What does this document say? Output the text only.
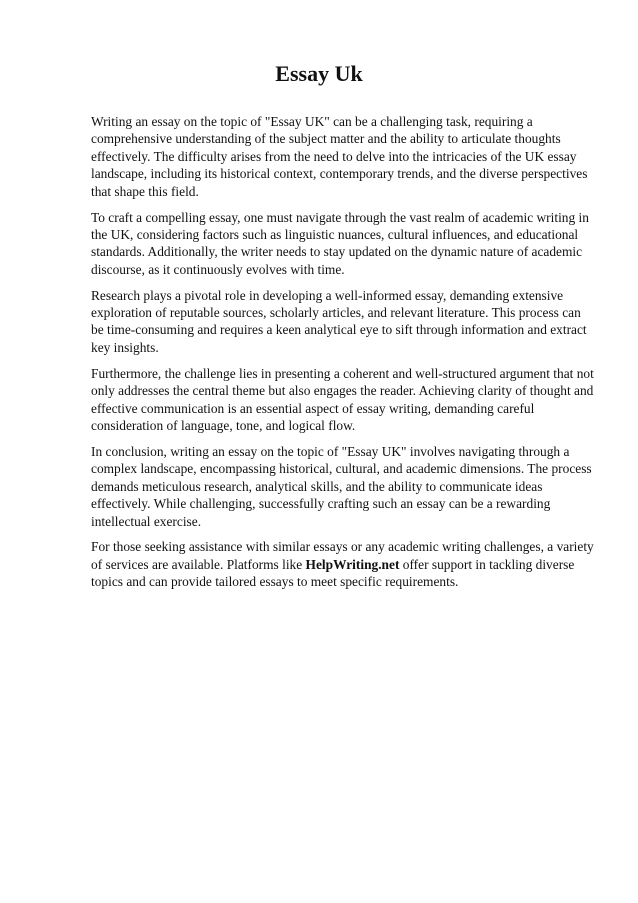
Essay Uk

Writing an essay on the topic of "Essay UK" can be a challenging task, requiring a comprehensive understanding of the subject matter and the ability to articulate thoughts effectively. The difficulty arises from the need to delve into the intricacies of the UK essay landscape, including its historical context, contemporary trends, and the diverse perspectives that shape this field.

To craft a compelling essay, one must navigate through the vast realm of academic writing in the UK, considering factors such as linguistic nuances, cultural influences, and educational standards. Additionally, the writer needs to stay updated on the dynamic nature of academic discourse, as it continuously evolves with time.

Research plays a pivotal role in developing a well-informed essay, demanding extensive exploration of reputable sources, scholarly articles, and relevant literature. This process can be time-consuming and requires a keen analytical eye to sift through information and extract key insights.

Furthermore, the challenge lies in presenting a coherent and well-structured argument that not only addresses the central theme but also engages the reader. Achieving clarity of thought and effective communication is an essential aspect of essay writing, demanding careful consideration of language, tone, and logical flow.

In conclusion, writing an essay on the topic of "Essay UK" involves navigating through a complex landscape, encompassing historical, cultural, and academic dimensions. The process demands meticulous research, analytical skills, and the ability to communicate ideas effectively. While challenging, successfully crafting such an essay can be a rewarding intellectual exercise.

For those seeking assistance with similar essays or any academic writing challenges, a variety of services are available. Platforms like HelpWriting.net offer support in tackling diverse topics and can provide tailored essays to meet specific requirements.
